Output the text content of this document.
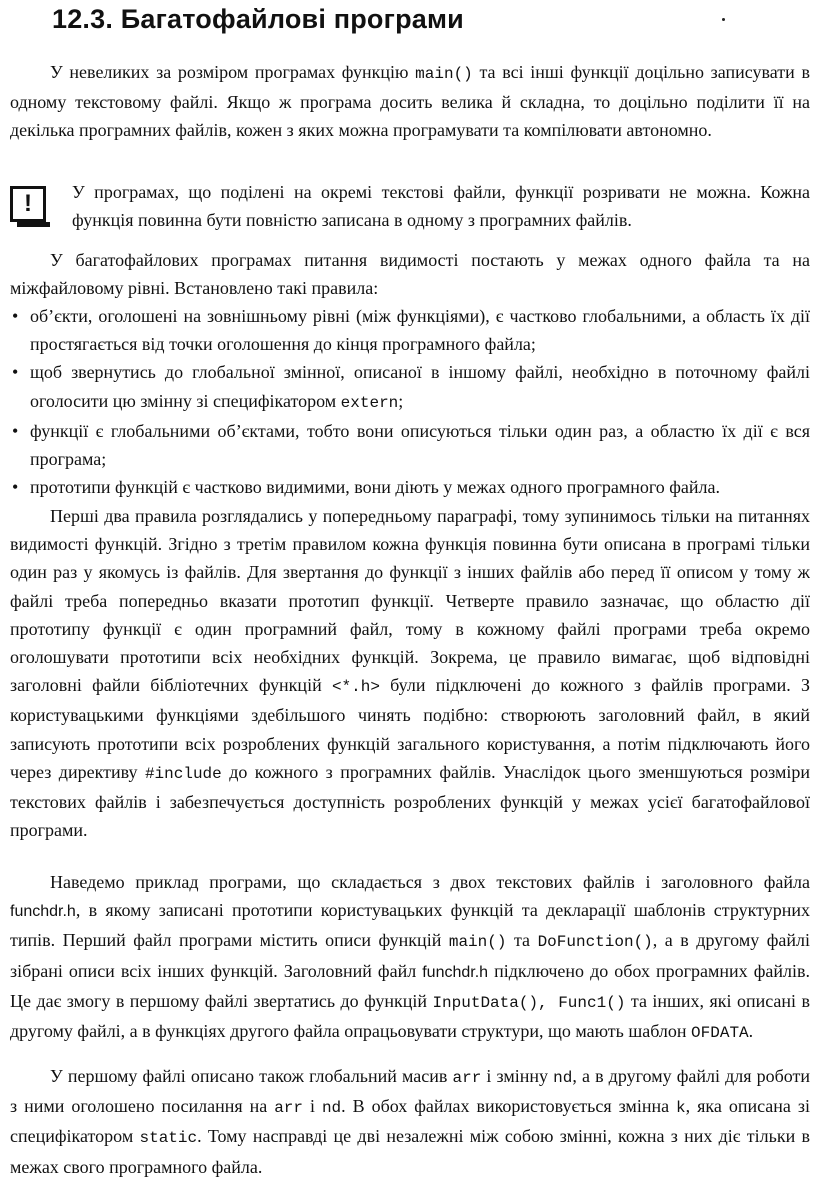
12.3. Багатофайлові програми
У невеликих за розміром програмах функцію main() та всі інші функції доцільно записувати в одному текстовому файлі. Якщо ж програма досить велика й складна, то доцільно поділити її на декілька програмних файлів, кожен з яких можна програмувати та компілювати автономно.
!	У програмах, що поділені на окремі текстові файли, функції розривати не можна. Кожна функція повинна бути повністю записана в одному з програмних файлів.
У багатофайлових програмах питання видимості постають у межах одного файла та на міжфайловому рівні. Встановлено такі правила:
• об’єкти, оголошені на зовнішньому рівні (між функціями), є частково глобальними, а область їх дії простягається від точки оголошення до кінця програмного файла;
• щоб звернутись до глобальної змінної, описаної в іншому файлі, необхідно в поточному файлі оголосити цю змінну зі специфікатором extern;
• функції є глобальними об’єктами, тобто вони описуються тільки один раз, а областю їх дії є вся програма;
• прототипи функцій є частково видимими, вони діють у межах одного програмного файла.
Перші два правила розглядались у попередньому параграфі, тому зупинимось тільки на питаннях видимості функцій. Згідно з третім правилом кожна функція повинна бути описана в програмі тільки один раз у якомусь із файлів. Для звертання до функції з інших файлів або перед її описом у тому ж файлі треба попередньо вказати прототип функції. Четверте правило зазначає, що областю дії прототипу функції є один програмний файл, тому в кожному файлі програми треба окремо оголошувати прототипи всіх необхідних функцій. Зокрема, це правило вимагає, щоб відповідні заголовні файли бібліотечних функцій <*.h> були підключені до кожного з файлів програми. З користувацькими функціями здебільшого чинять подібно: створюють заголовний файл, в який записують прототипи всіх розроблених функцій загального користування, а потім підключають його через директиву #include до кожного з програмних файлів. Унаслідок цього зменшуються розміри текстових файлів і забезпечується доступність розроблених функцій у межах усієї багатофайлової програми.
Наведемо приклад програми, що складається з двох текстових файлів і заголовного файла funchdr.h, в якому записані прототипи користувацьких функцій та декларації шаблонів структурних типів. Перший файл програми містить описи функцій main() та DoFunction(), а в другому файлі зібрані описи всіх інших функцій. Заголовний файл funchdr.h підключено до обох програмних файлів. Це дає змогу в першому файлі звертатись до функцій InputData(), Func1() та інших, які описані в другому файлі, а в функціях другого файла опрацьовувати структури, що мають шаблон OFDATA.
У першому файлі описано також глобальний масив arr і змінну nd, а в другому файлі для роботи з ними оголошено посилання на arr і nd. В обох файлах використовується змінна k, яка описана зі специфікатором static. Тому насправді це дві незалежні між собою змінні, кожна з них діє тільки в межах свого програмного файла.
